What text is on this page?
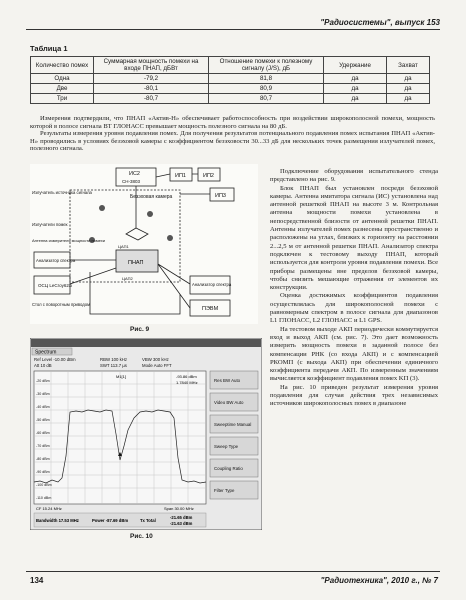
"Радиосистемы", выпуск 153
Таблица 1
Количество помех	Суммарная мощность помехи на входе ПНАП, дБВт	Отношение помехи к полезному сигналу (J/S), дБ	Удержание	Захват
Одна	-79,2	81,8	да	да
Две	-80,1	80,9	да	да
Три	-80,7	80,7	да	да

Измерения подтвердили, что ПНАП «Актив-Н» обеспечивает работоспособность при воздействии широкополосной помехи, мощность которой в полосе сигнала ВТ ГЛОНАСС превышает мощность полезного сигнала на 80 дБ.

Результаты измерения уровня подавления помех. Для получения результатов потенциального подавления помех испытания ПНАП «Актив-Н» проводились в условиях безэховой камеры с коэффициентом безэховости 30...33 дБ для нескольких точек размещения излучателей помех, полезного сигнала.

ИС2
СН-3803
ИП1	ИП2
ИП3
Безэховая камера
Излучатель источника сигнала
Излучатели помех
Антенна измерителя мощности помехи
Анализатор спектра
ОСЦ LeCroy62xi
Стол с поворотным приводом
ПНАП
ЦАП1
ЦАП2
Анализатор спектра
ПЭВМ
Рис. 9
Spectrum
Ref Level -10.00 dBm
Att 10 dB
RBW 100 kHz
SWT 113.7 µs
VBW 300 kHz
Mode Auto FFT
-20 dBm
-30 dBm
-40 dBm
-50 dBm
-60 dBm
-70 dBm
-80 dBm
-90 dBm
-100 dBm
-110 dBm
M1[1]	-93.86 dBm
1.7840 MHz
CF 15.24 MHz	Span 30.00 MHz
Bandwidth 17.53 MHz	Power -87.69 dBm	Tx Total
-21.65 dBm
-21.63 dBm
Res BW Auto
Video BW Auto
Sweeptime Manual
Sweep Type
Coupling Ratio
Filter Type
Рис. 10

Подключение оборудования испытательного стенда представлено на рис. 9.

Блок ПНАП был установлен посреди безэховой камеры. Антенна имитатора сигнала (ИС) установлена над антенной решеткой ПНАП на высоте 3 м. Контрольная антенна мощности помехи установлена в непосредственной близости от антенной решетки ПНАП. Антенны излучателей помех разнесены пространственно и расположены на углах, близких к горизонту на расстоянии 2...2,5 м от антенной решетки ПНАП. Анализатор спектра подключен к тестовому выходу ПНАП, который используется для контроля уровня подавления помехи. Все приборы размещены вне пределов безэховой камеры, чтобы снизить мешающие отражения от элементов их конструкции.

Оценка достижимых коэффициентов подавления осуществлялась для широкополосной помехи с равномерным спектром в полосе сигнала для диапазонов L1 ГЛОНАСС, L2 ГЛОНАСС и L1 GPS.

На тестовом выходе АКП периодически коммутируется вход и выход АКП (см. рис. 7). Это дает возможность измерить мощность помехи в заданной полосе без компенсации PНК (со входа АКП) и с компенсацией PКОМП (с выхода АКП) при обеспечении единичного коэффициента передачи АКП. По измеренным значениям вычисляется коэффициент подавления помех KП (3).

На рис. 10 приведен результат измерения уровня подавления для случая действия трех независимых источников широкополосных помех в диапазоне

134	"Радиотехника", 2010 г., № 7
